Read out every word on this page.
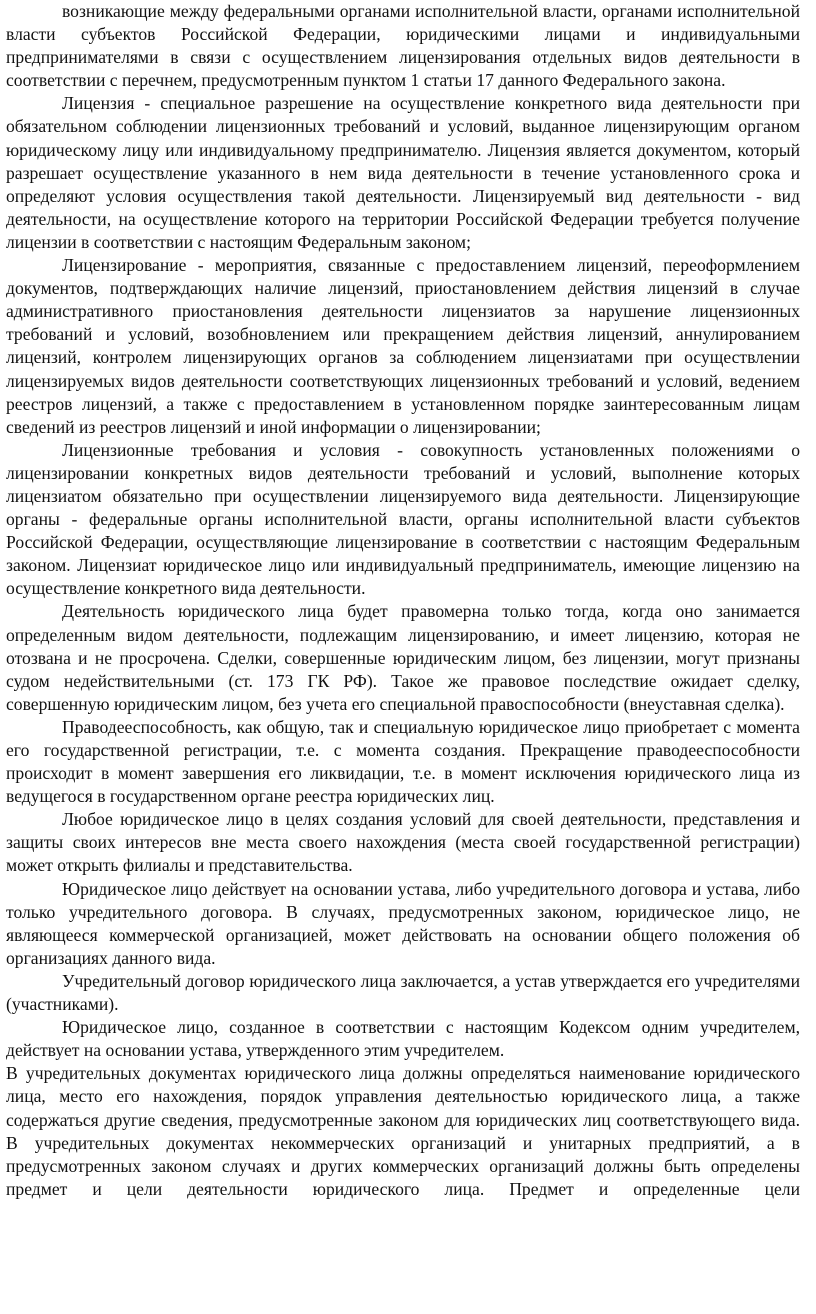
возникающие между федеральными органами исполнительной власти, органами исполнительной власти субъектов Российской Федерации, юридическими лицами и индивидуальными предпринимателями в связи с осуществлением лицензирования отдельных видов деятельности в соответствии с перечнем, предусмотренным пунктом 1 статьи 17 данного Федерального закона.

Лицензия - специальное разрешение на осуществление конкретного вида деятельности при обязательном соблюдении лицензионных требований и условий, выданное лицензирующим органом юридическому лицу или индивидуальному предпринимателю. Лицензия является документом, который разрешает осуществление указанного в нем вида деятельности в течение установленного срока и определяют условия осуществления такой деятельности. Лицензируемый вид деятельности - вид деятельности, на осуществление которого на территории Российской Федерации требуется получение лицензии в соответствии с настоящим Федеральным законом;

Лицензирование - мероприятия, связанные с предоставлением лицензий, переоформлением документов, подтверждающих наличие лицензий, приостановлением действия лицензий в случае административного приостановления деятельности лицензиатов за нарушение лицензионных требований и условий, возобновлением или прекращением действия лицензий, аннулированием лицензий, контролем лицензирующих органов за соблюдением лицензиатами при осуществлении лицензируемых видов деятельности соответствующих лицензионных требований и условий, ведением реестров лицензий, а также с предоставлением в установленном порядке заинтересованным лицам сведений из реестров лицензий и иной информации о лицензировании;

Лицензионные требования и условия - совокупность установленных положениями о лицензировании конкретных видов деятельности требований и условий, выполнение которых лицензиатом обязательно при осуществлении лицензируемого вида деятельности. Лицензирующие органы - федеральные органы исполнительной власти, органы исполнительной власти субъектов Российской Федерации, осуществляющие лицензирование в соответствии с настоящим Федеральным законом. Лицензиат юридическое лицо или индивидуальный предприниматель, имеющие лицензию на осуществление конкретного вида деятельности.

Деятельность юридического лица будет правомерна только тогда, когда оно занимается определенным видом деятельности, подлежащим лицензированию, и имеет лицензию, которая не отозвана и не просрочена. Сделки, совершенные юридическим лицом, без лицензии, могут признаны судом недействительными (ст. 173 ГК РФ). Такое же правовое последствие ожидает сделку, совершенную юридическим лицом, без учета его специальной правоспособности (внеуставная сделка).

Праводееспособность, как общую, так и специальную юридическое лицо приобретает с момента его государственной регистрации, т.е. с момента создания. Прекращение праводееспособности происходит в момент завершения его ликвидации, т.е. в момент исключения юридического лица из ведущегося в государственном органе реестра юридических лиц.

Любое юридическое лицо в целях создания условий для своей деятельности, представления и защиты своих интересов вне места своего нахождения (места своей государственной регистрации) может открыть филиалы и представительства.

Юридическое лицо действует на основании устава, либо учредительного договора и устава, либо только учредительного договора. В случаях, предусмотренных законом, юридическое лицо, не являющееся коммерческой организацией, может действовать на основании общего положения об организациях данного вида.

Учредительный договор юридического лица заключается, а устав утверждается его учредителями (участниками).

Юридическое лицо, созданное в соответствии с настоящим Кодексом одним учредителем, действует на основании устава, утвержденного этим учредителем.

В учредительных документах юридического лица должны определяться наименование юридического лица, место его нахождения, порядок управления деятельностью юридического лица, а также содержаться другие сведения, предусмотренные законом для юридических лиц соответствующего вида. В учредительных документах некоммерческих организаций и унитарных предприятий, а в предусмотренных законом случаях и других коммерческих организаций должны быть определены предмет и цели деятельности юридического лица. Предмет и определенные цели
